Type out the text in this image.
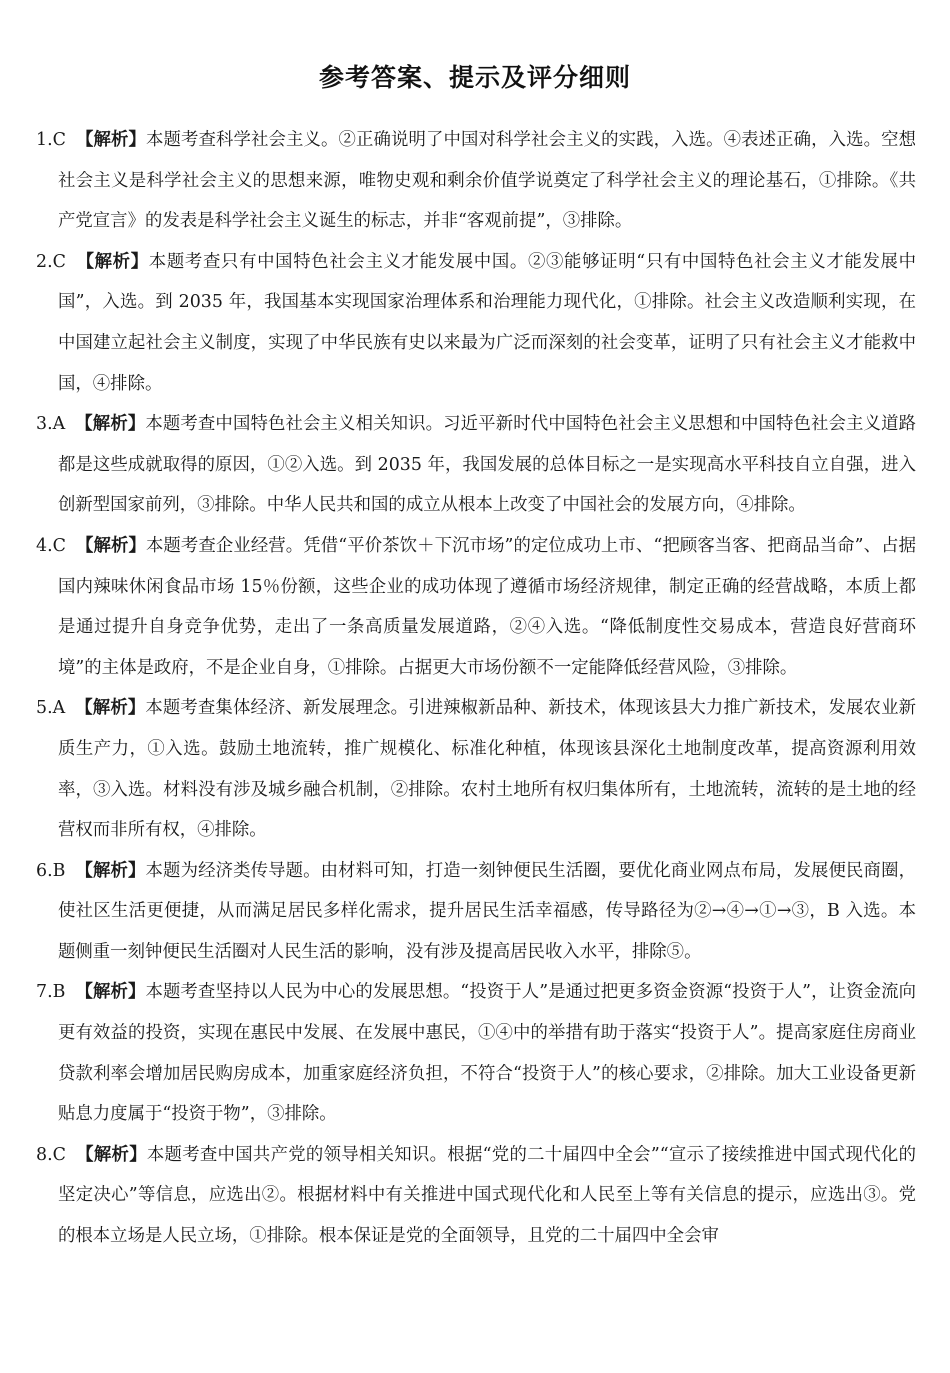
参考答案、提示及评分细则

1.C 【解析】本题考查科学社会主义。②正确说明了中国对科学社会主义的实践，入选。④表述正确，入选。空想社会主义是科学社会主义的思想来源，唯物史观和剩余价值学说奠定了科学社会主义的理论基石，①排除。《共产党宣言》的发表是科学社会主义诞生的标志，并非“客观前提”，③排除。

2.C 【解析】本题考查只有中国特色社会主义才能发展中国。②③能够证明“只有中国特色社会主义才能发展中国”，入选。到 2035 年，我国基本实现国家治理体系和治理能力现代化，①排除。社会主义改造顺利实现，在中国建立起社会主义制度，实现了中华民族有史以来最为广泛而深刻的社会变革，证明了只有社会主义才能救中国，④排除。

3.A 【解析】本题考查中国特色社会主义相关知识。习近平新时代中国特色社会主义思想和中国特色社会主义道路都是这些成就取得的原因，①②入选。到 2035 年，我国发展的总体目标之一是实现高水平科技自立自强，进入创新型国家前列，③排除。中华人民共和国的成立从根本上改变了中国社会的发展方向，④排除。

4.C 【解析】本题考查企业经营。凭借“平价茶饮＋下沉市场”的定位成功上市、“把顾客当客、把商品当命”、占据国内辣味休闲食品市场 15％份额，这些企业的成功体现了遵循市场经济规律，制定正确的经营战略，本质上都是通过提升自身竞争优势，走出了一条高质量发展道路，②④入选。“降低制度性交易成本，营造良好营商环境”的主体是政府，不是企业自身，①排除。占据更大市场份额不一定能降低经营风险，③排除。

5.A 【解析】本题考查集体经济、新发展理念。引进辣椒新品种、新技术，体现该县大力推广新技术，发展农业新质生产力，①入选。鼓励土地流转，推广规模化、标准化种植，体现该县深化土地制度改革，提高资源利用效率，③入选。材料没有涉及城乡融合机制，②排除。农村土地所有权归集体所有，土地流转，流转的是土地的经营权而非所有权，④排除。

6.B 【解析】本题为经济类传导题。由材料可知，打造一刻钟便民生活圈，要优化商业网点布局，发展便民商圈，使社区生活更便捷，从而满足居民多样化需求，提升居民生活幸福感，传导路径为②→④→①→③，B 入选。本题侧重一刻钟便民生活圈对人民生活的影响，没有涉及提高居民收入水平，排除⑤。

7.B 【解析】本题考查坚持以人民为中心的发展思想。“投资于人”是通过把更多资金资源“投资于人”，让资金流向更有效益的投资，实现在惠民中发展、在发展中惠民，①④中的举措有助于落实“投资于人”。提高家庭住房商业贷款利率会增加居民购房成本，加重家庭经济负担，不符合“投资于人”的核心要求，②排除。加大工业设备更新贴息力度属于“投资于物”，③排除。

8.C 【解析】本题考查中国共产党的领导相关知识。根据“党的二十届四中全会”“宣示了接续推进中国式现代化的坚定决心”等信息，应选出②。根据材料中有关推进中国式现代化和人民至上等有关信息的提示，应选出③。党的根本立场是人民立场，①排除。根本保证是党的全面领导，且党的二十届四中全会审
